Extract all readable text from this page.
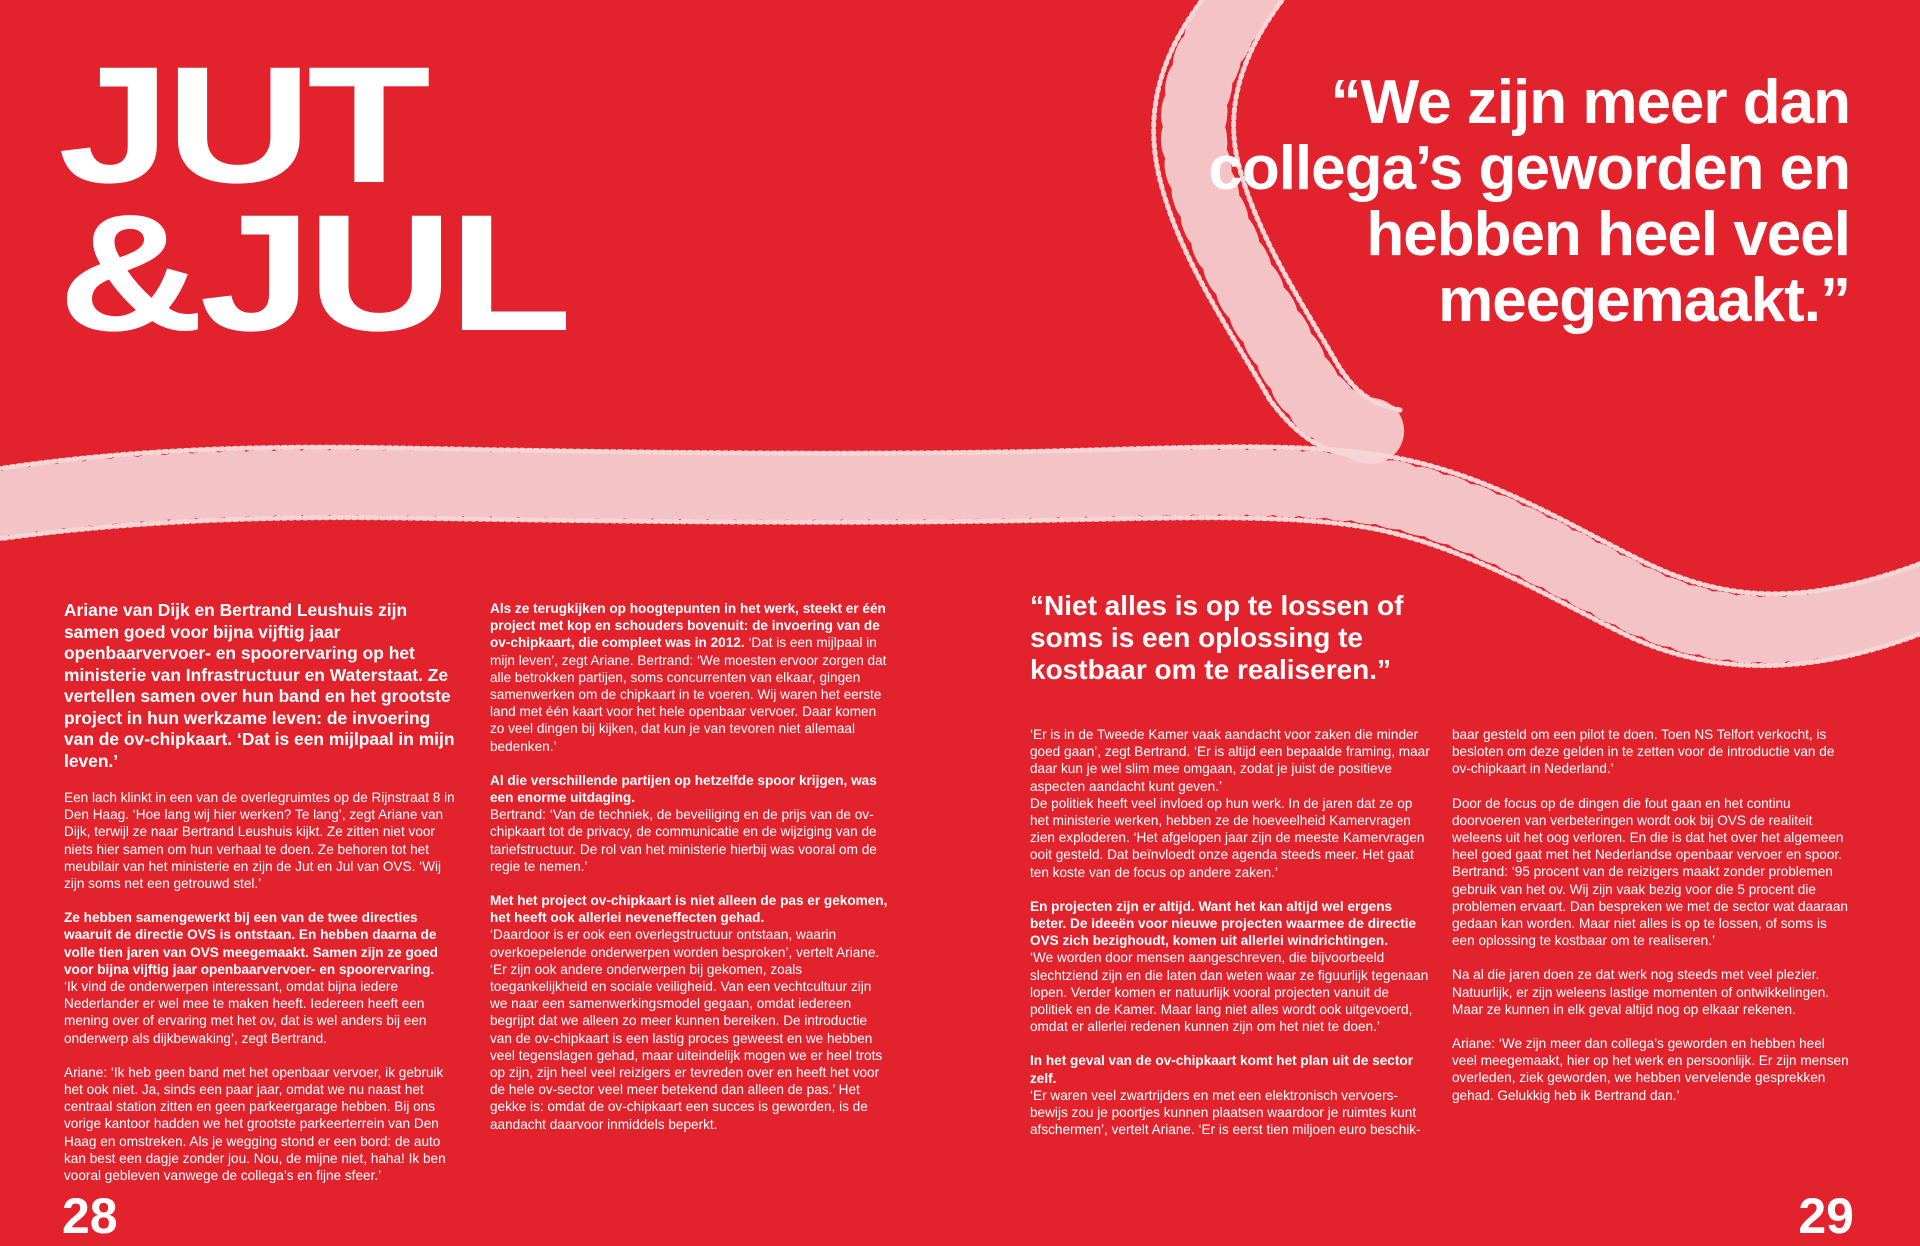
JUT
&JUL

“We zijn meer dan collega’s geworden en hebben heel veel meegemaakt.”

“Niet alles is op te lossen of soms is een oplossing te kostbaar om te realiseren.”

Ariane van Dijk en Bertrand Leushuis zijn samen goed voor bijna vijftig jaar openbaarvervoer- en spoorervaring op het ministerie van Infrastructuur en Waterstaat. Ze vertellen samen over hun band en het grootste project in hun werkzame leven: de invoering van de ov-chipkaart. ‘Dat is een mijlpaal in mijn leven.’

Een lach klinkt in een van de overlegruimtes op de Rijnstraat 8 in Den Haag. ‘Hoe lang wij hier werken? Te lang’, zegt Ariane van Dijk, terwijl ze naar Bertrand Leushuis kijkt. Ze zitten niet voor niets hier samen om hun verhaal te doen. Ze behoren tot het meubilair van het ministerie en zijn de Jut en Jul van OVS. ‘Wij zijn soms net een getrouwd stel.’

Ze hebben samengewerkt bij een van de twee directies waaruit de directie OVS is ontstaan. En hebben daarna de volle tien jaren van OVS meegemaakt. Samen zijn ze goed voor bijna vijftig jaar openbaarvervoer- en spoorervaring.

‘Ik vind de onderwerpen interessant, omdat bijna iedere Nederlander er wel mee te maken heeft. Iedereen heeft een mening over of ervaring met het ov, dat is wel anders bij een onderwerp als dijkbewaking’, zegt Bertrand.

Ariane: ‘Ik heb geen band met het openbaar vervoer, ik gebruik het ook niet. Ja, sinds een paar jaar, omdat we nu naast het centraal station zitten en geen parkeergarage hebben. Bij ons vorige kantoor hadden we het grootste parkeerterrein van Den Haag en omstreken. Als je wegging stond er een bord: de auto kan best een dagje zonder jou. Nou, de mijne niet, haha! Ik ben vooral gebleven vanwege de collega’s en fijne sfeer.’

Als ze terugkijken op hoogtepunten in het werk, steekt er één project met kop en schouders bovenuit: de invoering van de ov-chipkaart, die compleet was in 2012. ‘Dat is een mijlpaal in mijn leven’, zegt Ariane. Bertrand: ‘We moesten ervoor zorgen dat alle betrokken partijen, soms concurrenten van elkaar, gingen samenwerken om de chipkaart in te voeren. Wij waren het eerste land met één kaart voor het hele openbaar vervoer. Daar komen zo veel dingen bij kijken, dat kun je van tevoren niet allemaal bedenken.’

Al die verschillende partijen op hetzelfde spoor krijgen, was een enorme uitdaging.

Bertrand: ‘Van de techniek, de beveiliging en de prijs van de ov-chipkaart tot de privacy, de communicatie en de wijziging van de tariefstructuur. De rol van het ministerie hierbij was vooral om de regie te nemen.’

Met het project ov-chipkaart is niet alleen de pas er gekomen, het heeft ook allerlei neveneffecten gehad.

‘Daardoor is er ook een overlegstructuur ontstaan, waarin overkoepelende onderwerpen worden besproken’, vertelt Ariane. ‘Er zijn ook andere onderwerpen bij gekomen, zoals toegankelijkheid en sociale veiligheid. Van een vechtcultuur zijn we naar een samenwerkingsmodel gegaan, omdat iedereen begrijpt dat we alleen zo meer kunnen bereiken. De introductie van de ov-chipkaart is een lastig proces geweest en we hebben veel tegenslagen gehad, maar uiteindelijk mogen we er heel trots op zijn, zijn heel veel reizigers er tevreden over en heeft het voor de hele ov-sector veel meer betekend dan alleen de pas.’ Het gekke is: omdat de ov-chipkaart een succes is geworden, is de aandacht daarvoor inmiddels beperkt.

‘Er is in de Tweede Kamer vaak aandacht voor zaken die minder goed gaan’, zegt Bertrand. ‘Er is altijd een bepaalde framing, maar daar kun je wel slim mee omgaan, zodat je juist de positieve aspecten aandacht kunt geven.’

De politiek heeft veel invloed op hun werk. In de jaren dat ze op het ministerie werken, hebben ze de hoeveelheid Kamervragen zien exploderen. ‘Het afgelopen jaar zijn de meeste Kamervragen ooit gesteld. Dat beïnvloedt onze agenda steeds meer. Het gaat ten koste van de focus op andere zaken.’

En projecten zijn er altijd. Want het kan altijd wel ergens beter. De ideeën voor nieuwe projecten waarmee de directie OVS zich bezighoudt, komen uit allerlei windrichtingen.

‘We worden door mensen aangeschreven, die bijvoorbeeld slechtziend zijn en die laten dan weten waar ze figuurlijk tegenaan lopen. Verder komen er natuurlijk vooral projecten vanuit de politiek en de Kamer. Maar lang niet alles wordt ook uitgevoerd, omdat er allerlei redenen kunnen zijn om het niet te doen.’

In het geval van de ov-chipkaart komt het plan uit de sector zelf.

‘Er waren veel zwartrijders en met een elektronisch vervoers-bewijs zou je poortjes kunnen plaatsen waardoor je ruimtes kunt afschermen’, vertelt Ariane. ‘Er is eerst tien miljoen euro beschik-

baar gesteld om een pilot te doen. Toen NS Telfort verkocht, is besloten om deze gelden in te zetten voor de introductie van de ov-chipkaart in Nederland.’

Door de focus op de dingen die fout gaan en het continu doorvoeren van verbeteringen wordt ook bij OVS de realiteit weleens uit het oog verloren. En die is dat het over het algemeen heel goed gaat met het Nederlandse openbaar vervoer en spoor. Bertrand: ‘95 procent van de reizigers maakt zonder problemen gebruik van het ov. Wij zijn vaak bezig voor die 5 procent die problemen ervaart. Dan bespreken we met de sector wat daaraan gedaan kan worden. Maar niet alles is op te lossen, of soms is een oplossing te kostbaar om te realiseren.’

Na al die jaren doen ze dat werk nog steeds met veel plezier. Natuurlijk, er zijn weleens lastige momenten of ontwikkelingen. Maar ze kunnen in elk geval altijd nog op elkaar rekenen.

Ariane: ‘We zijn meer dan collega’s geworden en hebben heel veel meegemaakt, hier op het werk en persoonlijk. Er zijn mensen overleden, ziek geworden, we hebben vervelende gesprekken gehad. Gelukkig heb ik Bertrand dan.’

28	29
